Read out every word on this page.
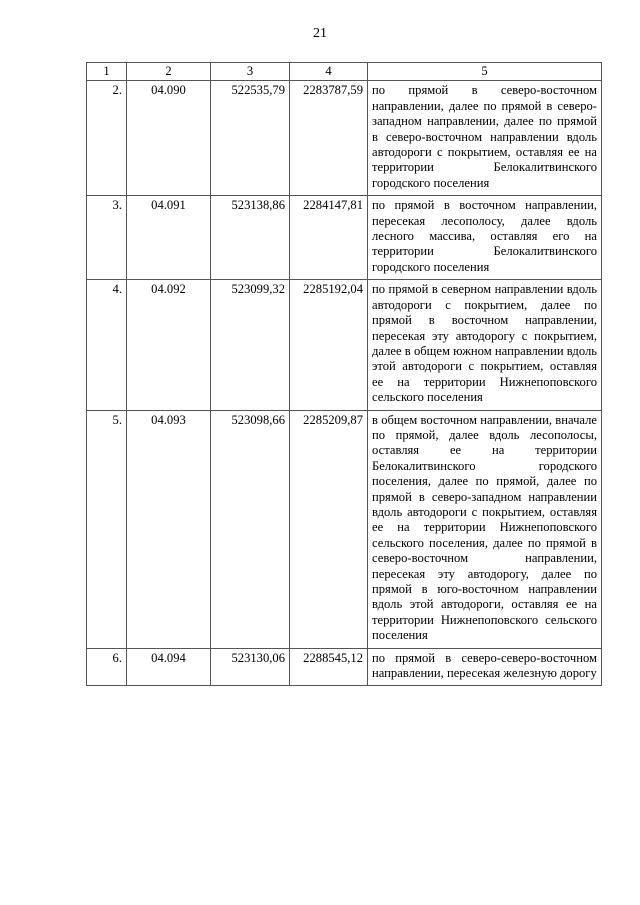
21
1	2	3	4	5
2.	04.090	522535,79	2283787,59	по прямой в северо-восточном направлении, далее по прямой в северо-западном направлении, далее по прямой в северо-восточном направлении вдоль автодороги с покрытием, оставляя ее на территории Белокалитвинского городского поселения
3.	04.091	523138,86	2284147,81	по прямой в восточном направлении, пересекая лесополосу, далее вдоль лесного массива, оставляя его на территории Белокалитвинского городского поселения
4.	04.092	523099,32	2285192,04	по прямой в северном направлении вдоль автодороги с покрытием, далее по прямой в восточном направлении, пересекая эту автодорогу с покрытием, далее в общем южном направлении вдоль этой автодороги с покрытием, оставляя ее на территории Нижнепоповского сельского поселения
5.	04.093	523098,66	2285209,87	в общем восточном направлении, вначале по прямой, далее вдоль лесополосы, оставляя ее на территории Белокалитвинского городского поселения, далее по прямой, далее по прямой в северо-западном направлении вдоль автодороги с покрытием, оставляя ее на территории Нижнепоповского сельского поселения, далее по прямой в северо-восточном направлении, пересекая эту автодорогу, далее по прямой в юго-восточном направлении вдоль этой автодороги, оставляя ее на территории Нижнепоповского сельского поселения
6.	04.094	523130,06	2288545,12	по прямой в северо-северо-восточном направлении, пересекая железную дорогу
